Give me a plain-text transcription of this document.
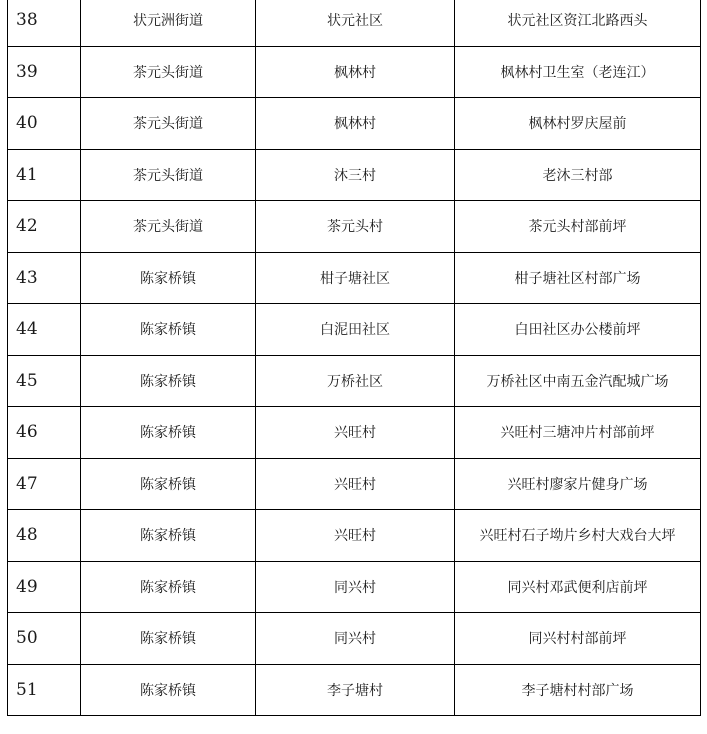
38	状元洲街道	状元社区	状元社区资江北路西头
39	茶元头街道	枫林村	枫林村卫生室（老连江）
40	茶元头街道	枫林村	枫林村罗庆屋前
41	茶元头街道	沐三村	老沐三村部
42	茶元头街道	茶元头村	茶元头村部前坪
43	陈家桥镇	柑子塘社区	柑子塘社区村部广场
44	陈家桥镇	白泥田社区	白田社区办公楼前坪
45	陈家桥镇	万桥社区	万桥社区中南五金汽配城广场
46	陈家桥镇	兴旺村	兴旺村三塘冲片村部前坪
47	陈家桥镇	兴旺村	兴旺村廖家片健身广场
48	陈家桥镇	兴旺村	兴旺村石子坳片乡村大戏台大坪
49	陈家桥镇	同兴村	同兴村邓武便利店前坪
50	陈家桥镇	同兴村	同兴村村部前坪
51	陈家桥镇	李子塘村	李子塘村村部广场
